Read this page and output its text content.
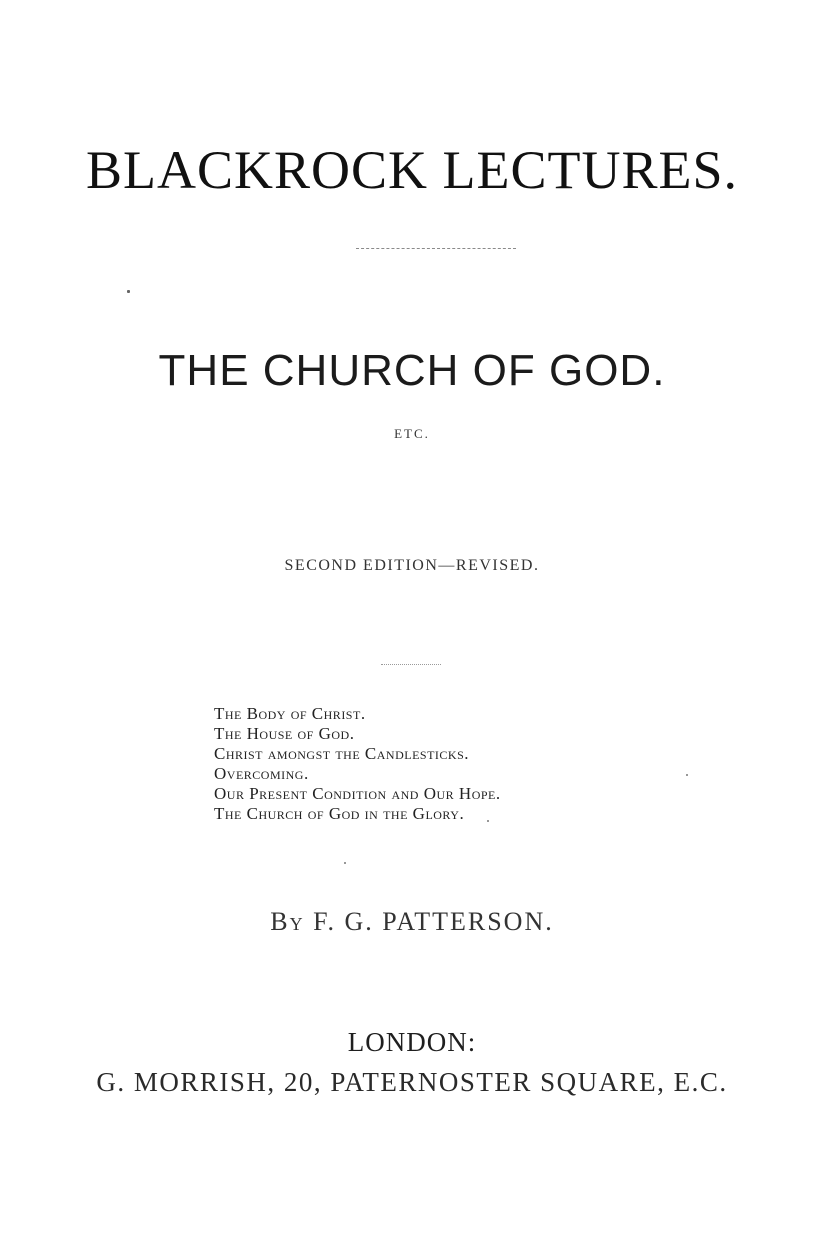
BLACKROCK LECTURES.
THE CHURCH OF GOD.
ETC.
SECOND EDITION—REVISED.
The Body of Christ.
The House of God.
Christ amongst the Candlesticks.
Overcoming.
Our Present Condition and Our Hope.
The Church of God in the Glory.
By F. G. PATTERSON.
LONDON:
G. MORRISH, 20, PATERNOSTER SQUARE, E.C.
